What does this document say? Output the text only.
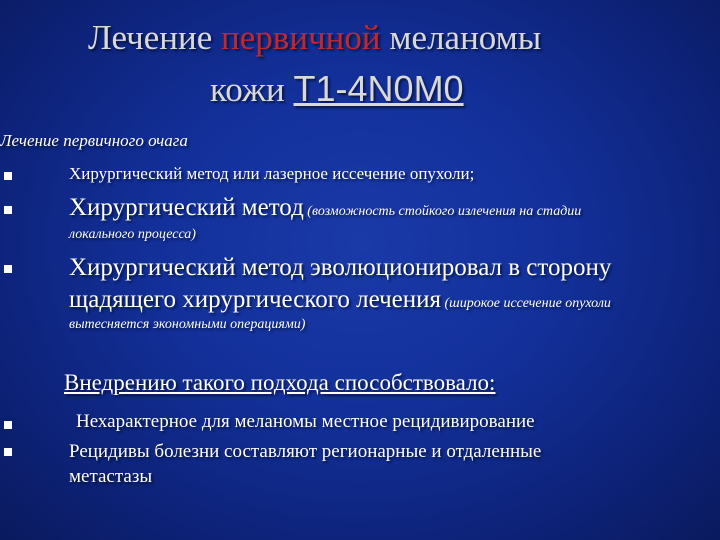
Лечение первичной меланомы
кожи T1-4N0M0
Лечение первичного очага
Хирургический метод или лазерное иссечение опухоли;
Хирургический метод (возможность стойкого излечения на стадии
локального процесса)
Хирургический метод эволюционировал в сторону
щадящего хирургического лечения (широкое иссечение опухоли
вытесняется экономными операциями)
Внедрению такого подхода способствовало:
Нехарактерное для меланомы местное рецидивирование
Рецидивы болезни составляют регионарные и отдаленные
метастазы
